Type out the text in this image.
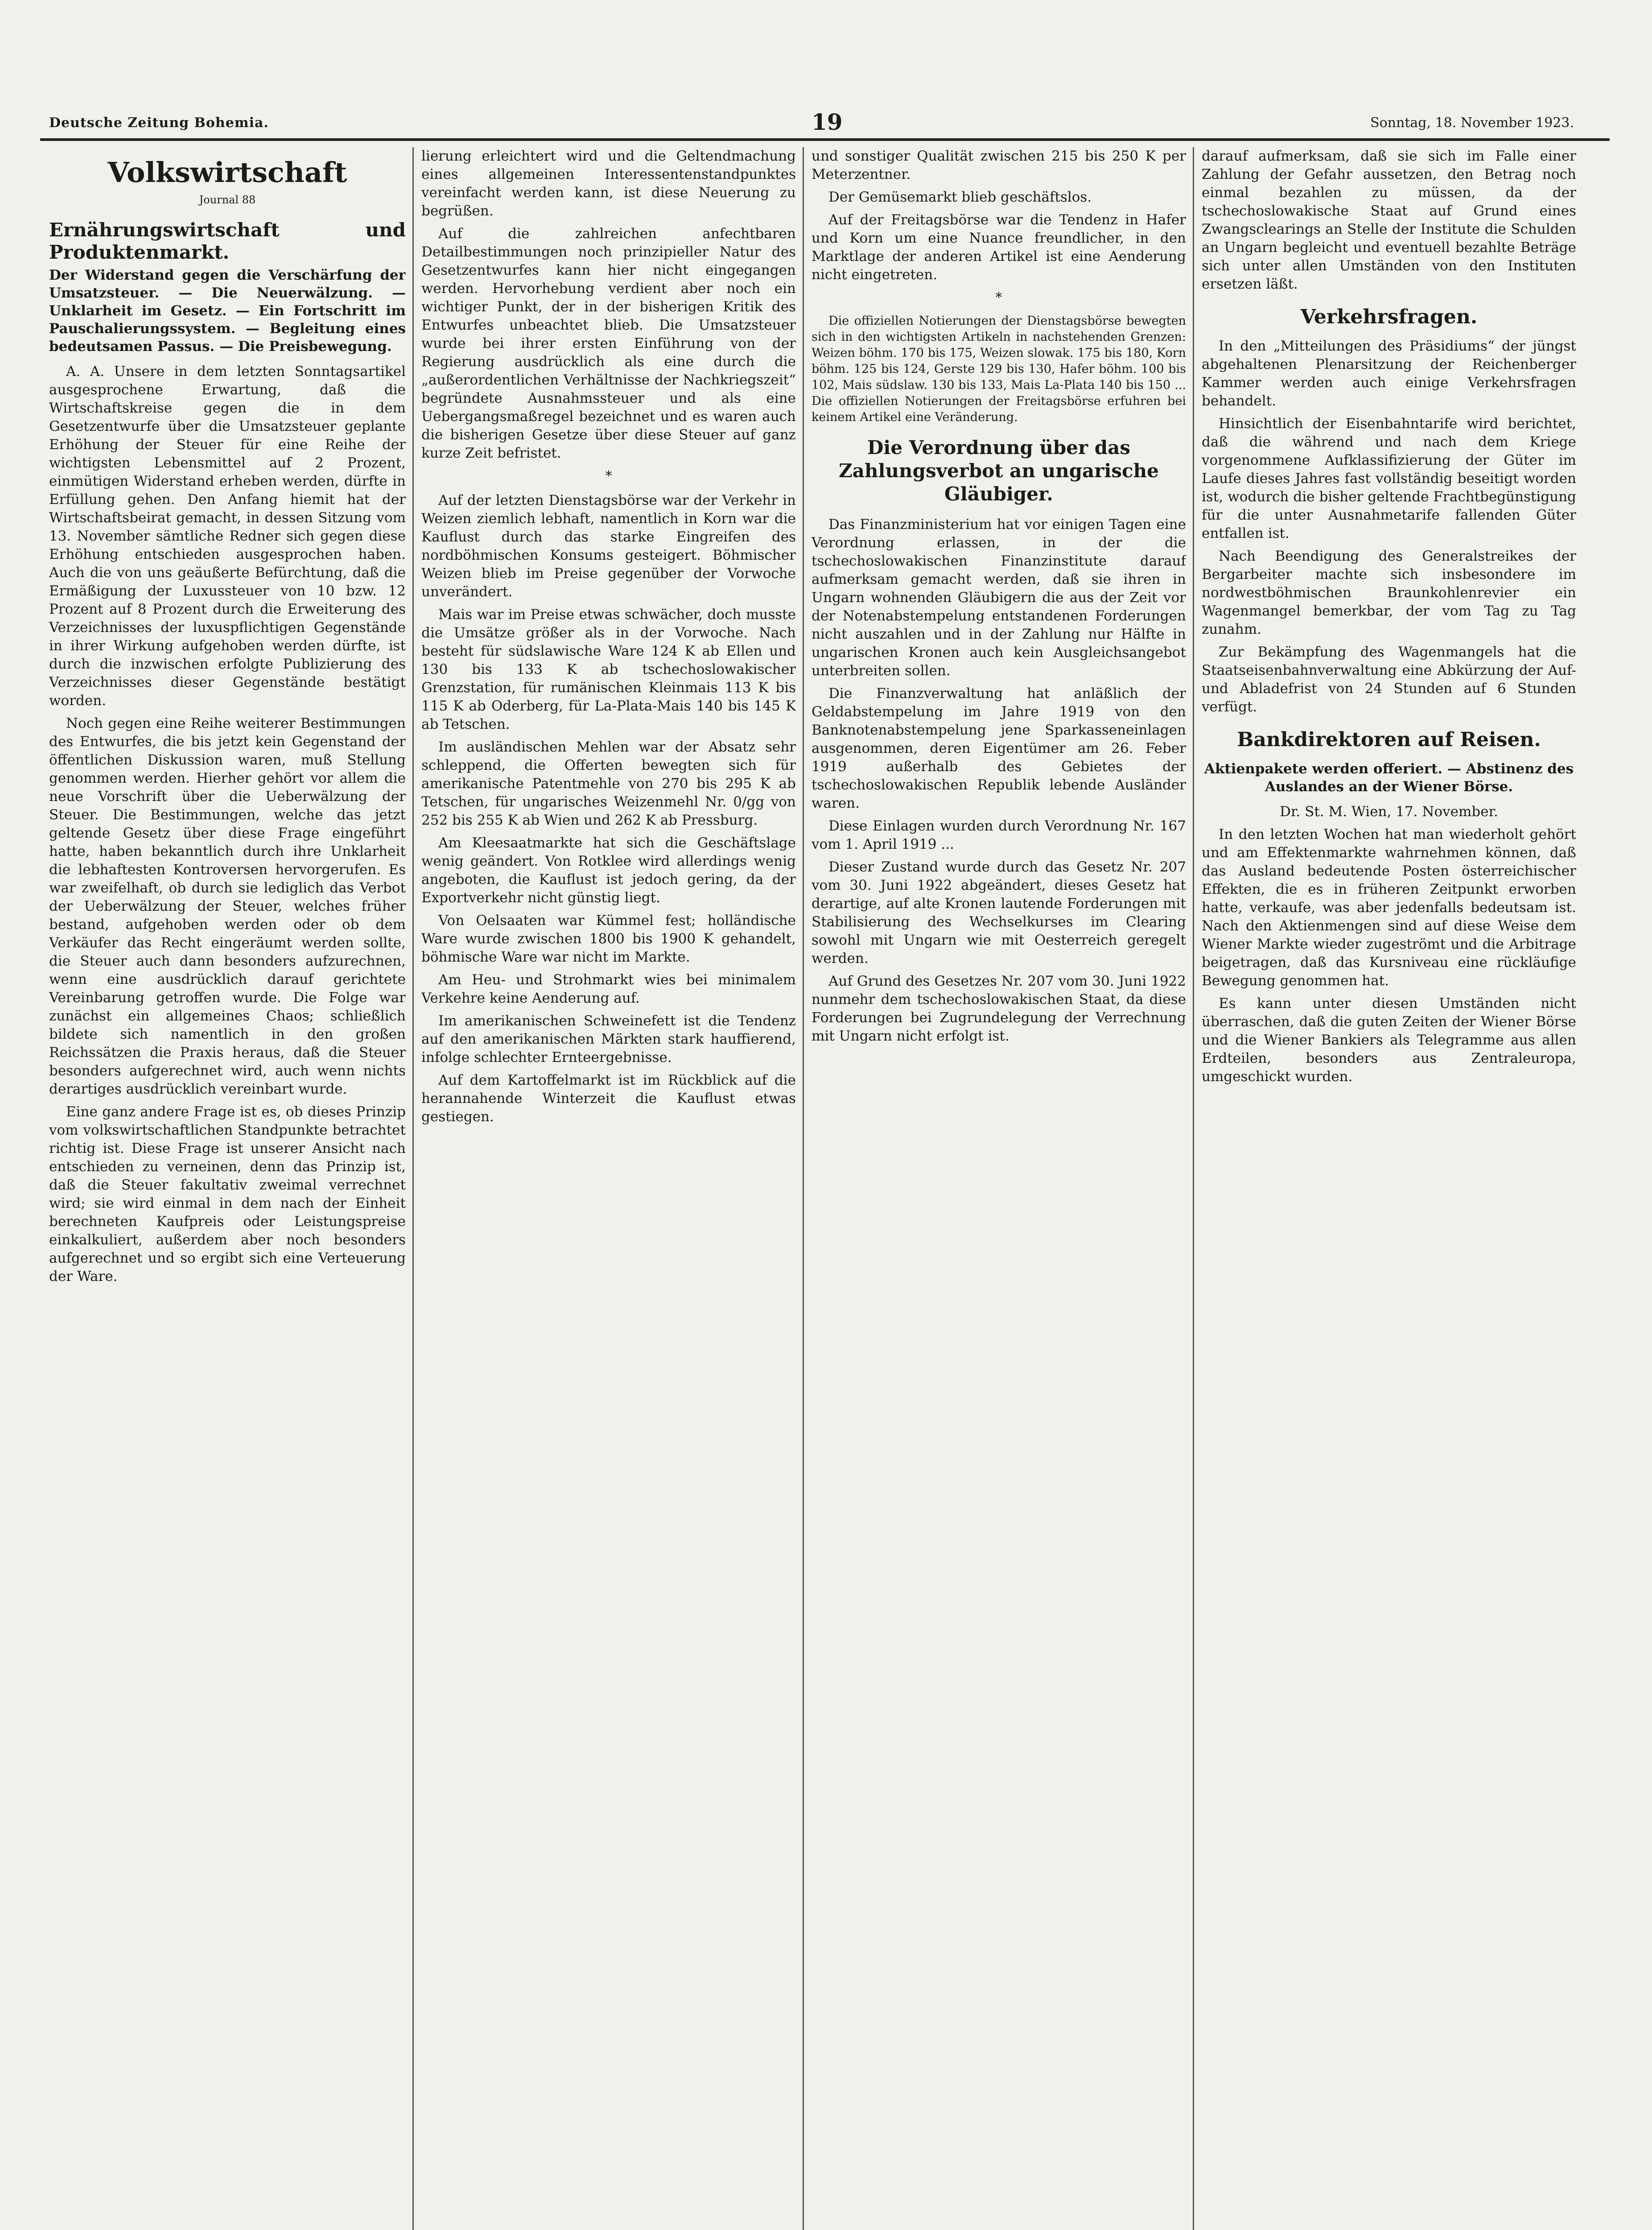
Deutsche Zeitung Bohemia.	19	Sonntag, 18. November 1923.
Volkswirtschaft
Journal 88
Ernährungswirtschaft und Produktenmarkt.
Der Widerstand gegen die Verschärfung der Umsatzsteuer. — Die Neuerwälzung. — Unklarheit im Gesetz. — Ein Fortschritt im Pauschalierungssystem. — Begleitung eines bedeutsamen Passus. — Die Preisbewegung.

A. A. Unsere in dem letzten Sonntagsartikel ausgesprochene Erwartung, daß die Wirtschaftskreise gegen die in dem Gesetzentwurfe über die Umsatzsteuer geplante Erhöhung der Steuer für eine Reihe der wichtigsten Lebensmittel auf 2 Prozent, einmütigen Widerstand erheben werden, dürfte in Erfüllung gehen. Den Anfang hiemit hat der Wirtschaftsbeirat gemacht, in dessen Sitzung vom 13. November sämtliche Redner sich gegen diese Erhöhung entschieden ausgesprochen haben. Auch die von uns geäußerte Befürchtung, daß die Ermäßigung der Luxussteuer von 10 bzw. 12 Prozent auf 8 Prozent durch die Erweiterung des Verzeichnisses der luxuspflichtigen Gegenstände in ihrer Wirkung aufgehoben werden dürfte, ist durch die inzwischen erfolgte Publizierung des Verzeichnisses dieser Gegenstände bestätigt worden.

Noch gegen eine Reihe weiterer Bestimmungen des Entwurfes, die bis jetzt kein Gegenstand der öffentlichen Diskussion waren, muß Stellung genommen werden. Hierher gehört vor allem die neue Vorschrift über die Ueberwälzung der Steuer. Die Bestimmungen, welche das jetzt geltende Gesetz über diese Frage eingeführt hatte, haben bekanntlich durch ihre Unklarheit die lebhaftesten Kontroversen hervorgerufen. Es war zweifelhaft, ob durch sie lediglich das Verbot der Ueberwälzung der Steuer, welches früher bestand, aufgehoben werden oder ob dem Verkäufer das Recht eingeräumt werden sollte, die Steuer auch dann besonders aufzurechnen, wenn eine ausdrücklich darauf gerichtete Vereinbarung getroffen wurde. Die Folge war zunächst ein allgemeines Chaos; schließlich bildete sich namentlich in den großen Reichssätzen die Praxis heraus, daß die Steuer besonders aufgerechnet wird, auch wenn nichts derartiges ausdrücklich vereinbart wurde.

Eine ganz andere Frage ist es, ob dieses Prinzip vom volkswirtschaftlichen Standpunkte betrachtet richtig ist. Diese Frage ist unserer Ansicht nach entschieden zu verneinen, denn das Prinzip ist, daß die Steuer fakultativ zweimal verrechnet wird; sie wird einmal in dem nach der Einheit berechneten Kaufpreis oder Leistungspreise einkalkuliert, außerdem aber noch besonders aufgerechnet und so ergibt sich eine Verteuerung der Ware.

lierung erleichtert wird und die Geltendmachung eines allgemeinen Interessentenstandpunktes vereinfacht werden kann, ist diese Neuerung zu begrüßen.

Auf die zahlreichen anfechtbaren Detailbestimmungen noch prinzipieller Natur des Gesetzentwurfes kann hier nicht eingegangen werden. Hervorhebung verdient aber noch ein wichtiger Punkt, der in der bisherigen Kritik des Entwurfes unbeachtet blieb. Die Umsatzsteuer wurde bei ihrer ersten Einführung von der Regierung ausdrücklich als eine durch die „außerordentlichen Verhältnisse der Nachkriegszeit“ begründete Ausnahmssteuer und als eine Uebergangsmaßregel bezeichnet und es waren auch die bisherigen Gesetze über diese Steuer auf ganz kurze Zeit befristet.

*

Auf der letzten Dienstagsbörse war der Verkehr in Weizen ziemlich lebhaft, namentlich in Korn war die Kauflust durch das starke Eingreifen des nordböhmischen Konsums gesteigert. Böhmischer Weizen blieb im Preise gegenüber der Vorwoche unverändert.

Mais war im Preise etwas schwächer, doch musste die Umsätze größer als in der Vorwoche. Nach besteht für südslawische Ware 124 K ab Ellen und 130 bis 133 K ab tschechoslowakischer Grenzstation, für rumänischen Kleinmais 113 K bis 115 K ab Oderberg, für La-Plata-Mais 140 bis 145 K ab Tetschen.

Im ausländischen Mehlen war der Absatz sehr schleppend, die Offerten bewegten sich für amerikanische Patentmehle von 270 bis 295 K ab Tetschen, für ungarisches Weizenmehl Nr. 0/gg von 252 bis 255 K ab Wien und 262 K ab Pressburg.

Am Kleesaatmarkte hat sich die Geschäftslage wenig geändert. Von Rotklee wird allerdings wenig angeboten, die Kauflust ist jedoch gering, da der Exportverkehr nicht günstig liegt.

Von Oelsaaten war Kümmel fest; holländische Ware wurde zwischen 1800 bis 1900 K gehandelt, böhmische Ware war nicht im Markte.

Am Heu- und Strohmarkt wies bei minimalem Verkehre keine Aenderung auf.

Im amerikanischen Schweinefett ist die Tendenz auf den amerikanischen Märkten stark hauffierend, infolge schlechter Ernteergebnisse.

Auf dem Kartoffelmarkt ist im Rückblick auf die herannahende Winterzeit die Kauflust etwas gestiegen.

und sonstiger Qualität zwischen 215 bis 250 K per Meterzentner.

Der Gemüsemarkt blieb geschäftslos.

Auf der Freitagsbörse war die Tendenz in Hafer und Korn um eine Nuance freundlicher, in den Marktlage der anderen Artikel ist eine Aenderung nicht eingetreten.

*

Die offiziellen Notierungen der Dienstagsbörse bewegten sich in den wichtigsten Artikeln in nachstehenden Grenzen: Weizen böhm. 170 bis 175, Weizen slowak. 175 bis 180, Korn böhm. 125 bis 124, Gerste 129 bis 130, Hafer böhm. 100 bis 102, Mais südslaw. 130 bis 133, Mais La-Plata 140 bis 150 ... Die offiziellen Notierungen der Freitagsbörse erfuhren bei keinem Artikel eine Veränderung.

Die Verordnung über das Zahlungsverbot an ungarische Gläubiger.

Das Finanzministerium hat vor einigen Tagen eine Verordnung erlassen, in der die tschechoslowakischen Finanzinstitute darauf aufmerksam gemacht werden, daß sie ihren in Ungarn wohnenden Gläubigern die aus der Zeit vor der Notenabstempelung entstandenen Forderungen nicht auszahlen und in der Zahlung nur Hälfte in ungarischen Kronen auch kein Ausgleichsangebot unterbreiten sollen.

Die Finanzverwaltung hat anläßlich der Geldabstempelung im Jahre 1919 von den Banknotenabstempelung jene Sparkasseneinlagen ausgenommen, deren Eigentümer am 26. Feber 1919 außerhalb des Gebietes der tschechoslowakischen Republik lebende Ausländer waren.

Diese Einlagen wurden durch Verordnung Nr. 167 vom 1. April 1919 ...

Dieser Zustand wurde durch das Gesetz Nr. 207 vom 30. Juni 1922 abgeändert, dieses Gesetz hat derartige, auf alte Kronen lautende Forderungen mit Stabilisierung des Wechselkurses im Clearing sowohl mit Ungarn wie mit Oesterreich geregelt werden.

Auf Grund des Gesetzes Nr. 207 vom 30. Juni 1922 nunmehr dem tschechoslowakischen Staat, da diese Forderungen bei Zugrundelegung der Verrechnung mit Ungarn nicht erfolgt ist.

darauf aufmerksam, daß sie sich im Falle einer Zahlung der Gefahr aussetzen, den Betrag noch einmal bezahlen zu müssen, da der tschechoslowakische Staat auf Grund eines Zwangsclearings an Stelle der Institute die Schulden an Ungarn begleicht und eventuell bezahlte Beträge sich unter allen Umständen von den Instituten ersetzen läßt.

Verkehrsfragen.

In den „Mitteilungen des Präsidiums“ der jüngst abgehaltenen Plenarsitzung der Reichenberger Kammer werden auch einige Verkehrsfragen behandelt.

Hinsichtlich der Eisenbahntarife wird berichtet, daß die während und nach dem Kriege vorgenommene Aufklassifizierung der Güter im Laufe dieses Jahres fast vollständig beseitigt worden ist, wodurch die bisher geltende Frachtbegünstigung für die unter Ausnahmetarife fallenden Güter entfallen ist.

Nach Beendigung des Generalstreikes der Bergarbeiter machte sich insbesondere im nordwestböhmischen Braunkohlenrevier ein Wagenmangel bemerkbar, der vom Tag zu Tag zunahm.

Zur Bekämpfung des Wagenmangels hat die Staatseisenbahnverwaltung eine Abkürzung der Auf- und Abladefrist von 24 Stunden auf 6 Stunden verfügt.

Bankdirektoren auf Reisen.
Aktienpakete werden offeriert. — Abstinenz des Auslandes an der Wiener Börse.
Dr. St. M. Wien, 17. November.

In den letzten Wochen hat man wiederholt gehört und am Effektenmarkte wahrnehmen können, daß das Ausland bedeutende Posten österreichischer Effekten, die es in früheren Zeitpunkt erworben hatte, verkaufe, was aber jedenfalls bedeutsam ist. Nach den Aktienmengen sind auf diese Weise dem Wiener Markte wieder zugeströmt und die Arbitrage beigetragen, daß das Kursniveau eine rückläufige Bewegung genommen hat.

Es kann unter diesen Umständen nicht überraschen, daß die guten Zeiten der Wiener Börse und die Wiener Bankiers als Telegramme aus allen Erdteilen, besonders aus Zentraleuropa, umgeschickt wurden.
